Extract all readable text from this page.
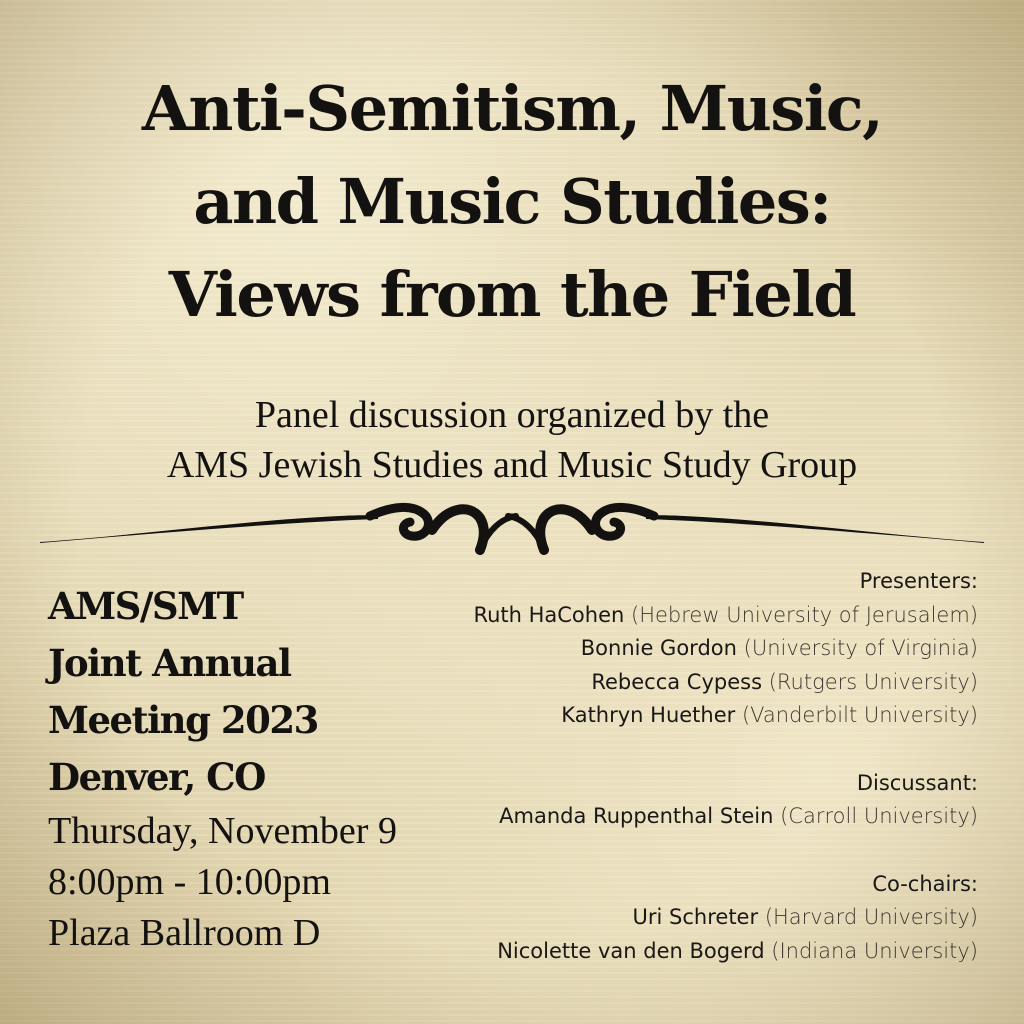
Anti-Semitism, Music,
and Music Studies:
Views from the Field
Panel discussion organized by the
AMS Jewish Studies and Music Study Group
AMS/SMT
Joint Annual
Meeting 2023
Denver, CO
Thursday, November 9
8:00pm - 10:00pm
Plaza Ballroom D
Presenters:
Ruth HaCohen (Hebrew University of Jerusalem)
Bonnie Gordon (University of Virginia)
Rebecca Cypess (Rutgers University)
Kathryn Huether (Vanderbilt University)
Discussant:
Amanda Ruppenthal Stein (Carroll University)
Co-chairs:
Uri Schreter (Harvard University)
Nicolette van den Bogerd (Indiana University)
